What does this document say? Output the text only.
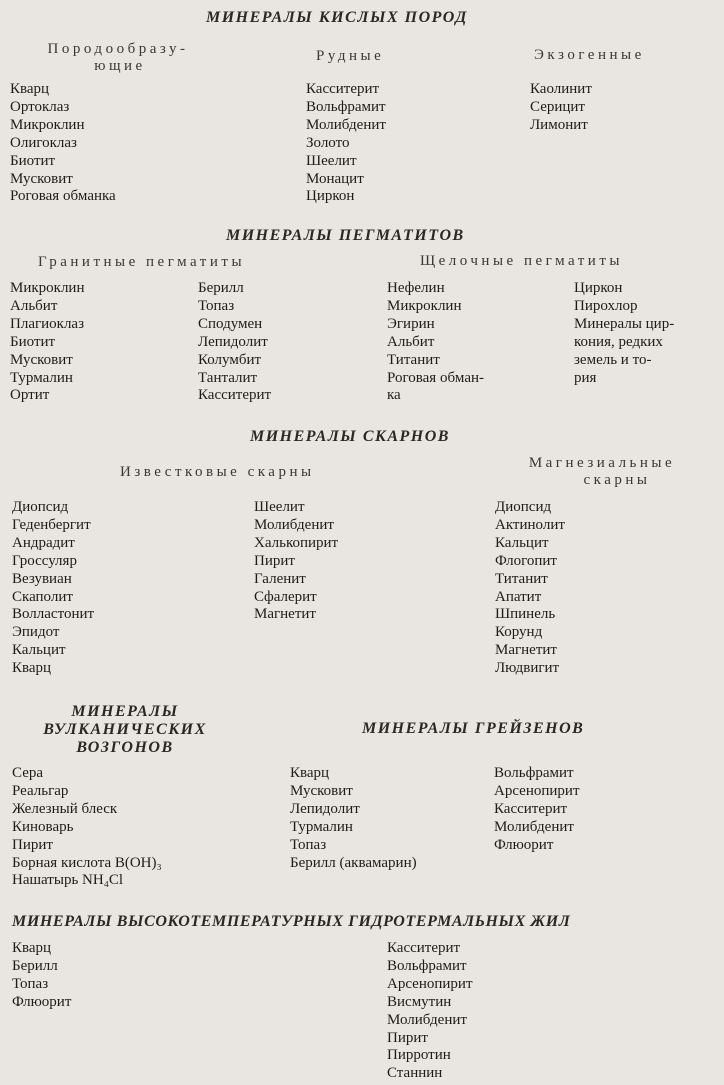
МИНЕРАЛЫ КИСЛЫХ ПОРОД
Породообразу-
ющие
Рудные	Экзогенные
Кварц
Ортоклаз
Микроклин
Олигоклаз
Биотит
Мусковит
Роговая обманка
Касситерит
Вольфрамит
Молибденит
Золото
Шеелит
Монацит
Циркон
Каолинит
Серицит
Лимонит
МИНЕРАЛЫ ПЕГМАТИТОВ
Гранитные пегматиты	Щелочные пегматиты
Микроклин
Альбит
Плагиоклаз
Биотит
Мусковит
Турмалин
Ортит
Берилл
Топаз
Сподумен
Лепидолит
Колумбит
Танталит
Касситерит
Нефелин
Микроклин
Эгирин
Альбит
Титанит
Роговая обман-
ка
Циркон
Пирохлор
Минералы цир-
кония, редких
земель и то-
рия
МИНЕРАЛЫ СКАРНОВ
Известковые скарны
Магнезиальные
скарны
Диопсид
Геденбергит
Андрадит
Гроссуляр
Везувиан
Скаполит
Волластонит
Эпидот
Кальцит
Кварц
Шеелит
Молибденит
Халькопирит
Пирит
Галенит
Сфалерит
Магнетит
Диопсид
Актинолит
Кальцит
Флогопит
Титанит
Апатит
Шпинель
Корунд
Магнетит
Людвигит
МИНЕРАЛЫ
ВУЛКАНИЧЕСКИХ
ВОЗГОНОВ
Сера
Реальгар
Железный блеск
Киноварь
Пирит
Борная кислота B(OH)₃
Нашатырь NH₄Cl
МИНЕРАЛЫ ГРЕЙЗЕНОВ
Кварц
Мусковит
Лепидолит
Турмалин
Топаз
Берилл (аквамарин)
Вольфрамит
Арсенопирит
Касситерит
Молибденит
Флюорит
МИНЕРАЛЫ ВЫСОКОТЕМПЕРАТУРНЫХ ГИДРОТЕРМАЛЬНЫХ ЖИЛ
Кварц
Берилл
Топаз
Флюорит
Касситерит
Вольфрамит
Арсенопирит
Висмутин
Молибденит
Пирит
Пирротин
Станнин
